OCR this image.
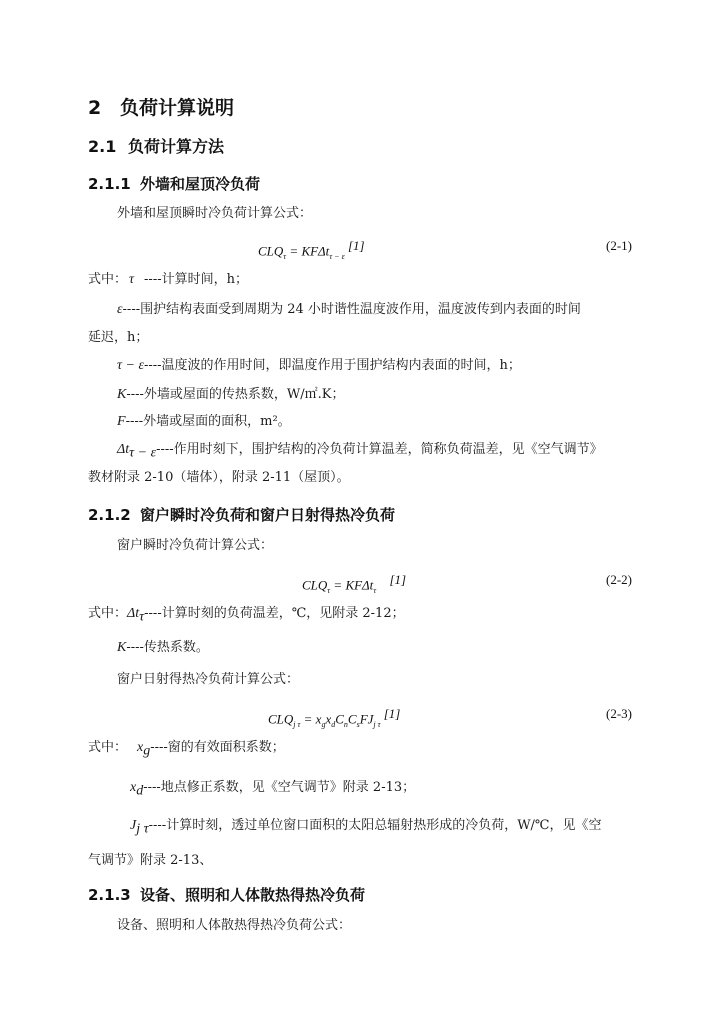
2 负荷计算说明
2.1 负荷计算方法
2.1.1 外墙和屋顶冷负荷
外墙和屋顶瞬时冷负荷计算公式：
$CLQ_\tau = KF\Delta t_{\tau - \varepsilon}$ [1]	(2-1)
式中： τ ----计算时间，h；
ε----围护结构表面受到周期为 24 小时谐性温度波作用，温度波传到内表面的时间
延迟，h；
τ − ε----温度波的作用时间，即温度作用于围护结构内表面的时间，h；
K----外墙或屋面的传热系数，W/㎡.K；
F----外墙或屋面的面积，m²。
$\Delta t_{\tau - \varepsilon}----$作用时刻下，围护结构的冷负荷计算温差，简称负荷温差，见《空气调节》
教材附录 2-10（墙体），附录 2-11（屋顶）。
2.1.2 窗户瞬时冷负荷和窗户日射得热冷负荷
窗户瞬时冷负荷计算公式：
$CLQ_\tau = KF\Delta t_\tau$ [1]	(2-2)
式中：$\Delta t_\tau----$计算时刻的负荷温差，℃，见附录 2-12；
K----传热系数。
窗户日射得热冷负荷计算公式：
$CLQ_{j \tau} = x_gx_dC_nC_sFJ_{j \tau}$ [1]	(2-3)
式中： $x_g----$窗的有效面积系数；
$x_d----$地点修正系数，见《空气调节》附录 2-13；
$J_{j \tau}----$计算时刻，透过单位窗口面积的太阳总辐射热形成的冷负荷，W/℃，见《空
气调节》附录 2-13、
2.1.3 设备、照明和人体散热得热冷负荷
设备、照明和人体散热得热冷负荷公式：
